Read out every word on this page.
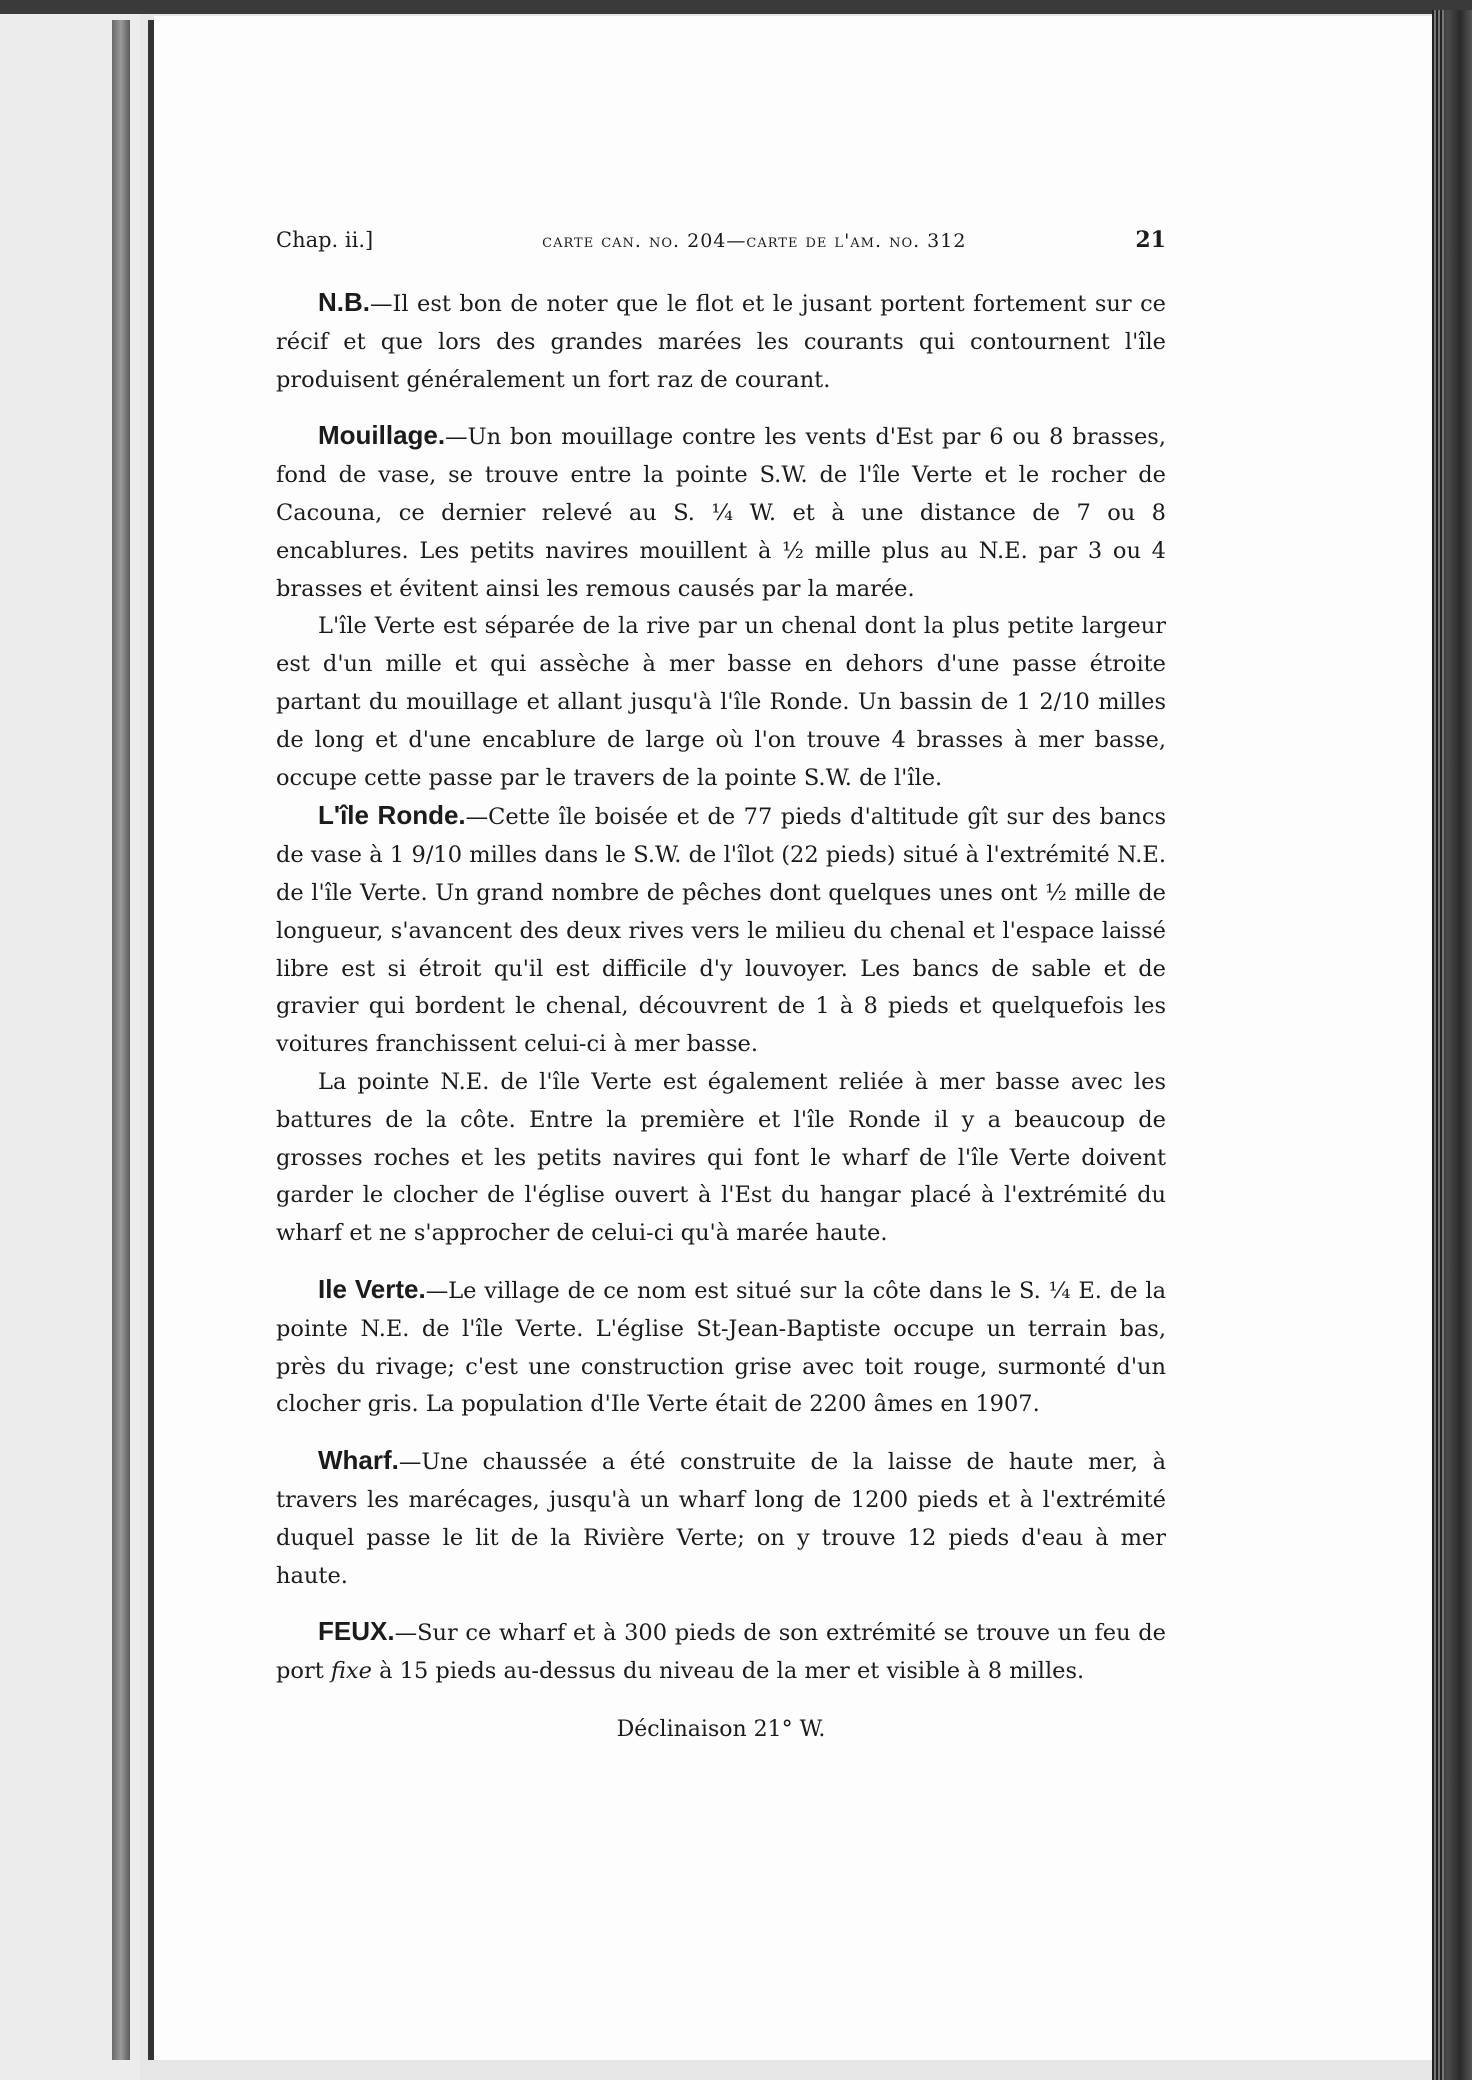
Chap. ii.]	carte can. no. 204—carte de l'am. no. 312	21

N.B.—Il est bon de noter que le flot et le jusant portent fortement sur ce récif et que lors des grandes marées les courants qui contournent l'île produisent généralement un fort raz de courant.

Mouillage.—Un bon mouillage contre les vents d'Est par 6 ou 8 brasses, fond de vase, se trouve entre la pointe S.W. de l'île Verte et le rocher de Cacouna, ce dernier relevé au S. ¼ W. et à une distance de 7 ou 8 encablures. Les petits navires mouillent à ½ mille plus au N.E. par 3 ou 4 brasses et évitent ainsi les remous causés par la marée.

L'île Verte est séparée de la rive par un chenal dont la plus petite largeur est d'un mille et qui assèche à mer basse en dehors d'une passe étroite partant du mouillage et allant jusqu'à l'île Ronde. Un bassin de 1 2/10 milles de long et d'une encablure de large où l'on trouve 4 brasses à mer basse, occupe cette passe par le travers de la pointe S.W. de l'île.

L'île Ronde.—Cette île boisée et de 77 pieds d'altitude gît sur des bancs de vase à 1 9/10 milles dans le S.W. de l'îlot (22 pieds) situé à l'extrémité N.E. de l'île Verte. Un grand nombre de pêches dont quelques unes ont ½ mille de longueur, s'avancent des deux rives vers le milieu du chenal et l'espace laissé libre est si étroit qu'il est difficile d'y louvoyer. Les bancs de sable et de gravier qui bordent le chenal, découvrent de 1 à 8 pieds et quelquefois les voitures franchissent celui-ci à mer basse.

La pointe N.E. de l'île Verte est également reliée à mer basse avec les battures de la côte. Entre la première et l'île Ronde il y a beaucoup de grosses roches et les petits navires qui font le wharf de l'île Verte doivent garder le clocher de l'église ouvert à l'Est du hangar placé à l'extrémité du wharf et ne s'approcher de celui-ci qu'à marée haute.

Ile Verte.—Le village de ce nom est situé sur la côte dans le S. ¼ E. de la pointe N.E. de l'île Verte. L'église St-Jean-Baptiste occupe un terrain bas, près du rivage; c'est une construction grise avec toit rouge, surmonté d'un clocher gris. La population d'Ile Verte était de 2200 âmes en 1907.

Wharf.—Une chaussée a été construite de la laisse de haute mer, à travers les marécages, jusqu'à un wharf long de 1200 pieds et à l'extrémité duquel passe le lit de la Rivière Verte; on y trouve 12 pieds d'eau à mer haute.

FEUX.—Sur ce wharf et à 300 pieds de son extrémité se trouve un feu de port fixe à 15 pieds au-dessus du niveau de la mer et visible à 8 milles.

Déclinaison 21° W.
